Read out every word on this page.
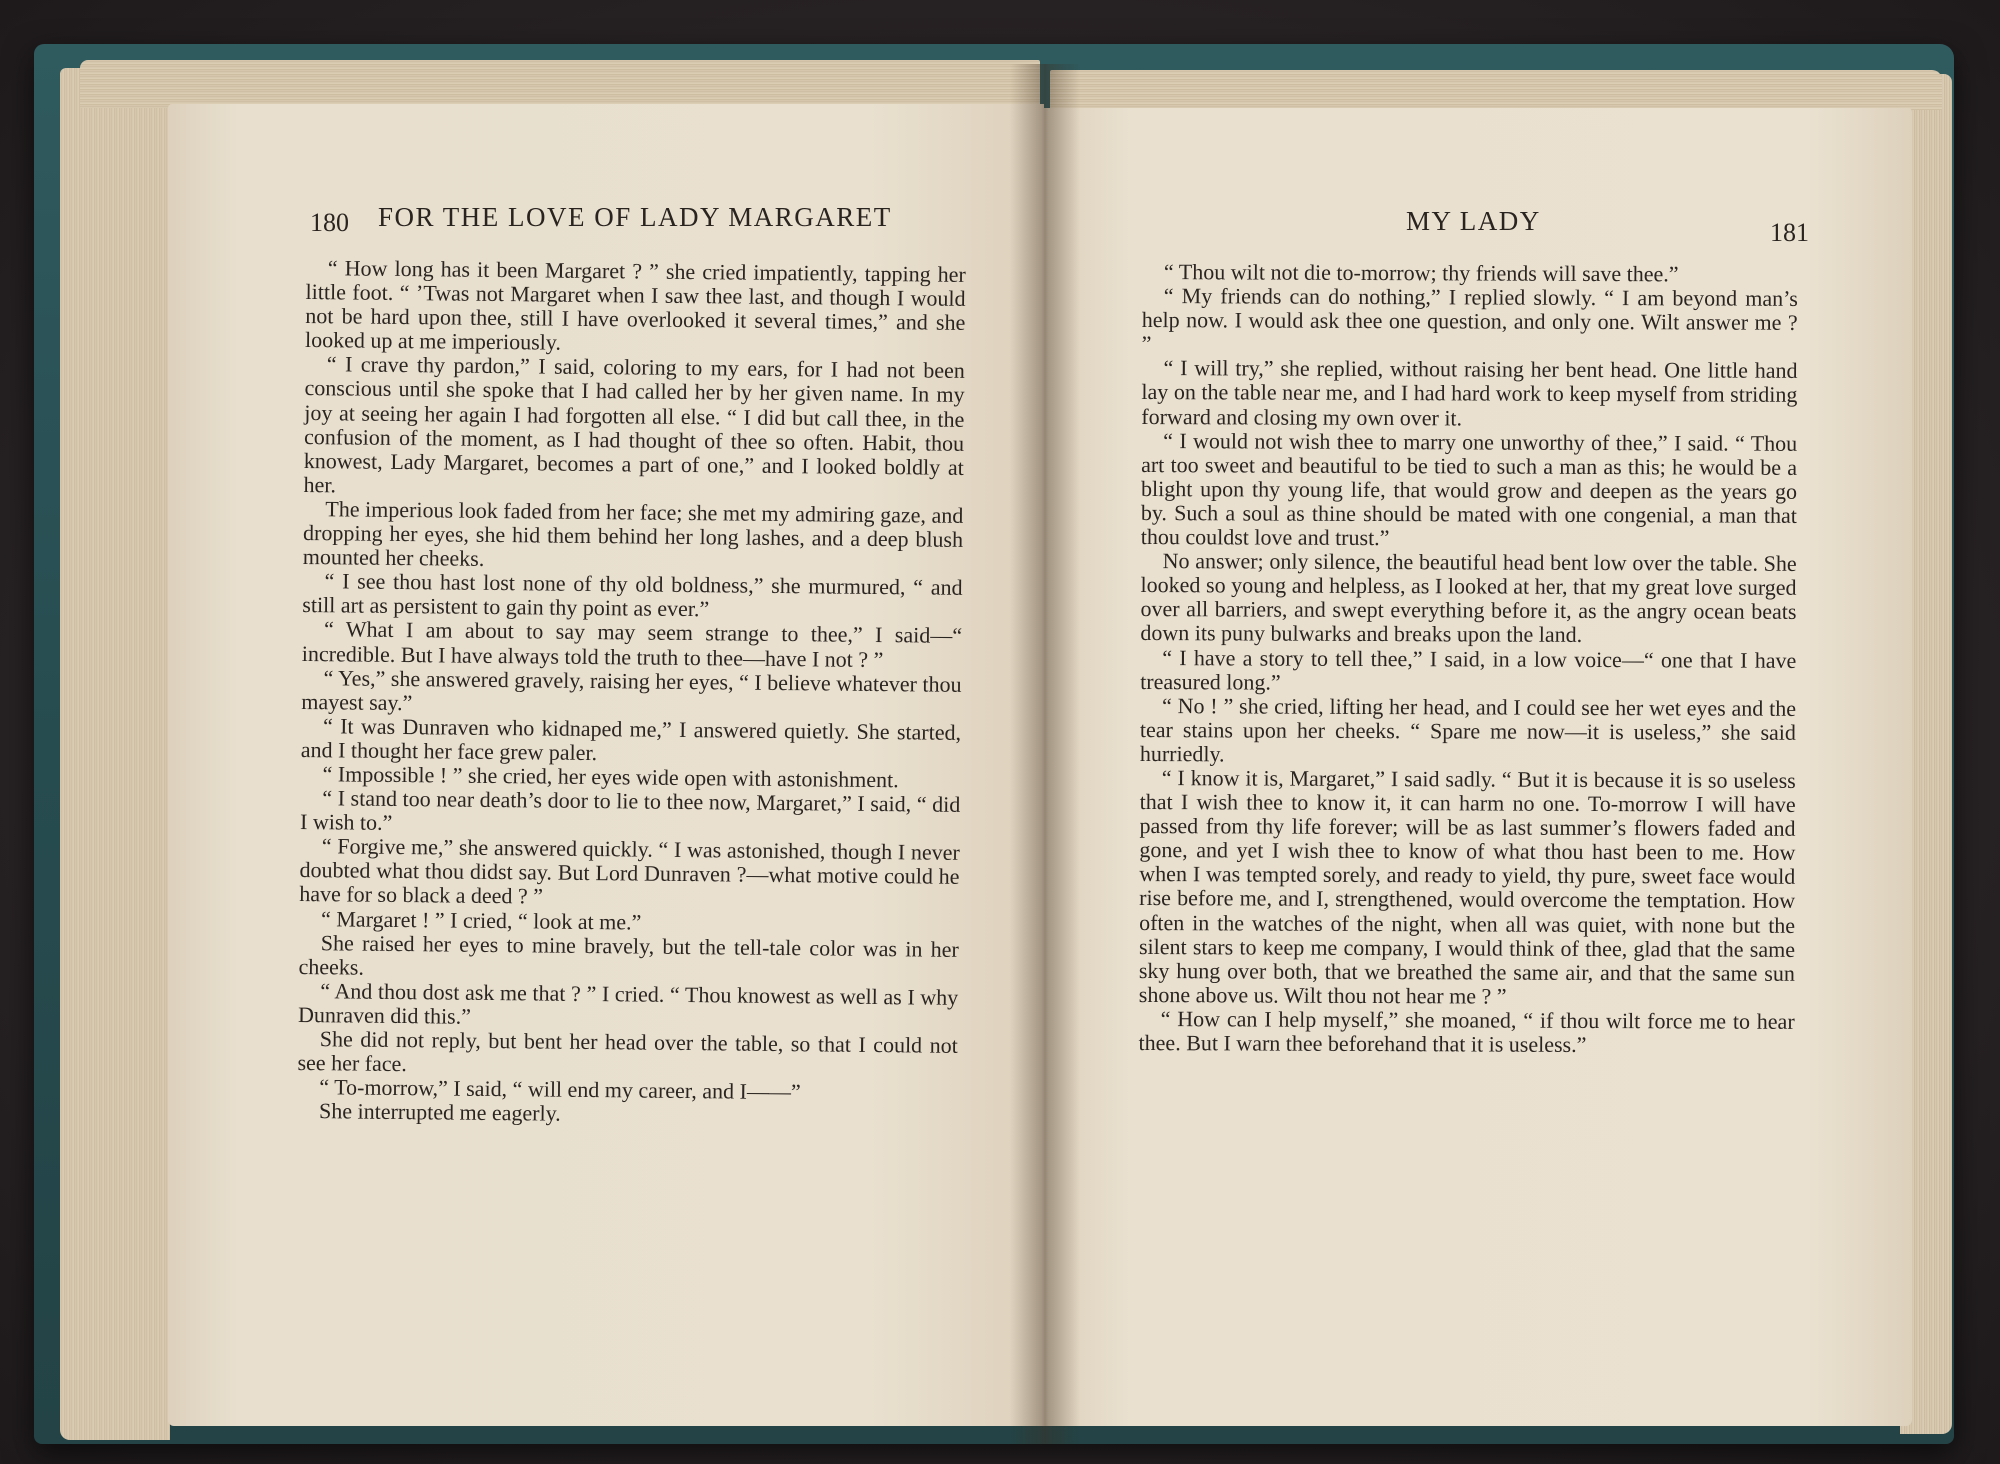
180 FOR THE LOVE OF LADY MARGARET

“ How long has it been Margaret ? ” she cried impatiently, tapping her little foot. “ ’Twas not Margaret when I saw thee last, and though I would not be hard upon thee, still I have overlooked it several times,” and she looked up at me imperiously.

“ I crave thy pardon,” I said, coloring to my ears, for I had not been conscious until she spoke that I had called her by her given name. In my joy at seeing her again I had forgotten all else. “ I did but call thee, in the confusion of the moment, as I had thought of thee so often. Habit, thou knowest, Lady Margaret, becomes a part of one,” and I looked boldly at her.

The imperious look faded from her face; she met my admiring gaze, and dropping her eyes, she hid them behind her long lashes, and a deep blush mounted her cheeks.

“ I see thou hast lost none of thy old boldness,” she murmured, “ and still art as persistent to gain thy point as ever.”

“ What I am about to say may seem strange to thee,” I said—“ incredible. But I have always told the truth to thee—have I not ? ”

“ Yes,” she answered gravely, raising her eyes, “ I believe whatever thou mayest say.”

“ It was Dunraven who kidnaped me,” I answered quietly. She started, and I thought her face grew paler.

“ Impossible ! ” she cried, her eyes wide open with astonishment.

“ I stand too near death’s door to lie to thee now, Margaret,” I said, “ did I wish to.”

“ Forgive me,” she answered quickly. “ I was astonished, though I never doubted what thou didst say. But Lord Dunraven ?—what motive could he have for so black a deed ? ”

“ Margaret ! ” I cried, “ look at me.”

She raised her eyes to mine bravely, but the tell-tale color was in her cheeks.

“ And thou dost ask me that ? ” I cried. “ Thou knowest as well as I why Dunraven did this.”

She did not reply, but bent her head over the table, so that I could not see her face.

“ To-morrow,” I said, “ will end my career, and I——”

She interrupted me eagerly.

MY LADY	181

“ Thou wilt not die to-morrow; thy friends will save thee.”

“ My friends can do nothing,” I replied slowly. “ I am beyond man’s help now. I would ask thee one question, and only one. Wilt answer me ? ”

“ I will try,” she replied, without raising her bent head. One little hand lay on the table near me, and I had hard work to keep myself from striding forward and closing my own over it.

“ I would not wish thee to marry one unworthy of thee,” I said. “ Thou art too sweet and beautiful to be tied to such a man as this; he would be a blight upon thy young life, that would grow and deepen as the years go by. Such a soul as thine should be mated with one congenial, a man that thou couldst love and trust.”

No answer; only silence, the beautiful head bent low over the table. She looked so young and helpless, as I looked at her, that my great love surged over all barriers, and swept everything before it, as the angry ocean beats down its puny bulwarks and breaks upon the land.

“ I have a story to tell thee,” I said, in a low voice—“ one that I have treasured long.”

“ No ! ” she cried, lifting her head, and I could see her wet eyes and the tear stains upon her cheeks. “ Spare me now—it is useless,” she said hurriedly.

“ I know it is, Margaret,” I said sadly. “ But it is because it is so useless that I wish thee to know it, it can harm no one. To-morrow I will have passed from thy life forever; will be as last summer’s flowers faded and gone, and yet I wish thee to know of what thou hast been to me. How when I was tempted sorely, and ready to yield, thy pure, sweet face would rise before me, and I, strengthened, would overcome the temptation. How often in the watches of the night, when all was quiet, with none but the silent stars to keep me company, I would think of thee, glad that the same sky hung over both, that we breathed the same air, and that the same sun shone above us. Wilt thou not hear me ? ”

“ How can I help myself,” she moaned, “ if thou wilt force me to hear thee. But I warn thee beforehand that it is useless.”
